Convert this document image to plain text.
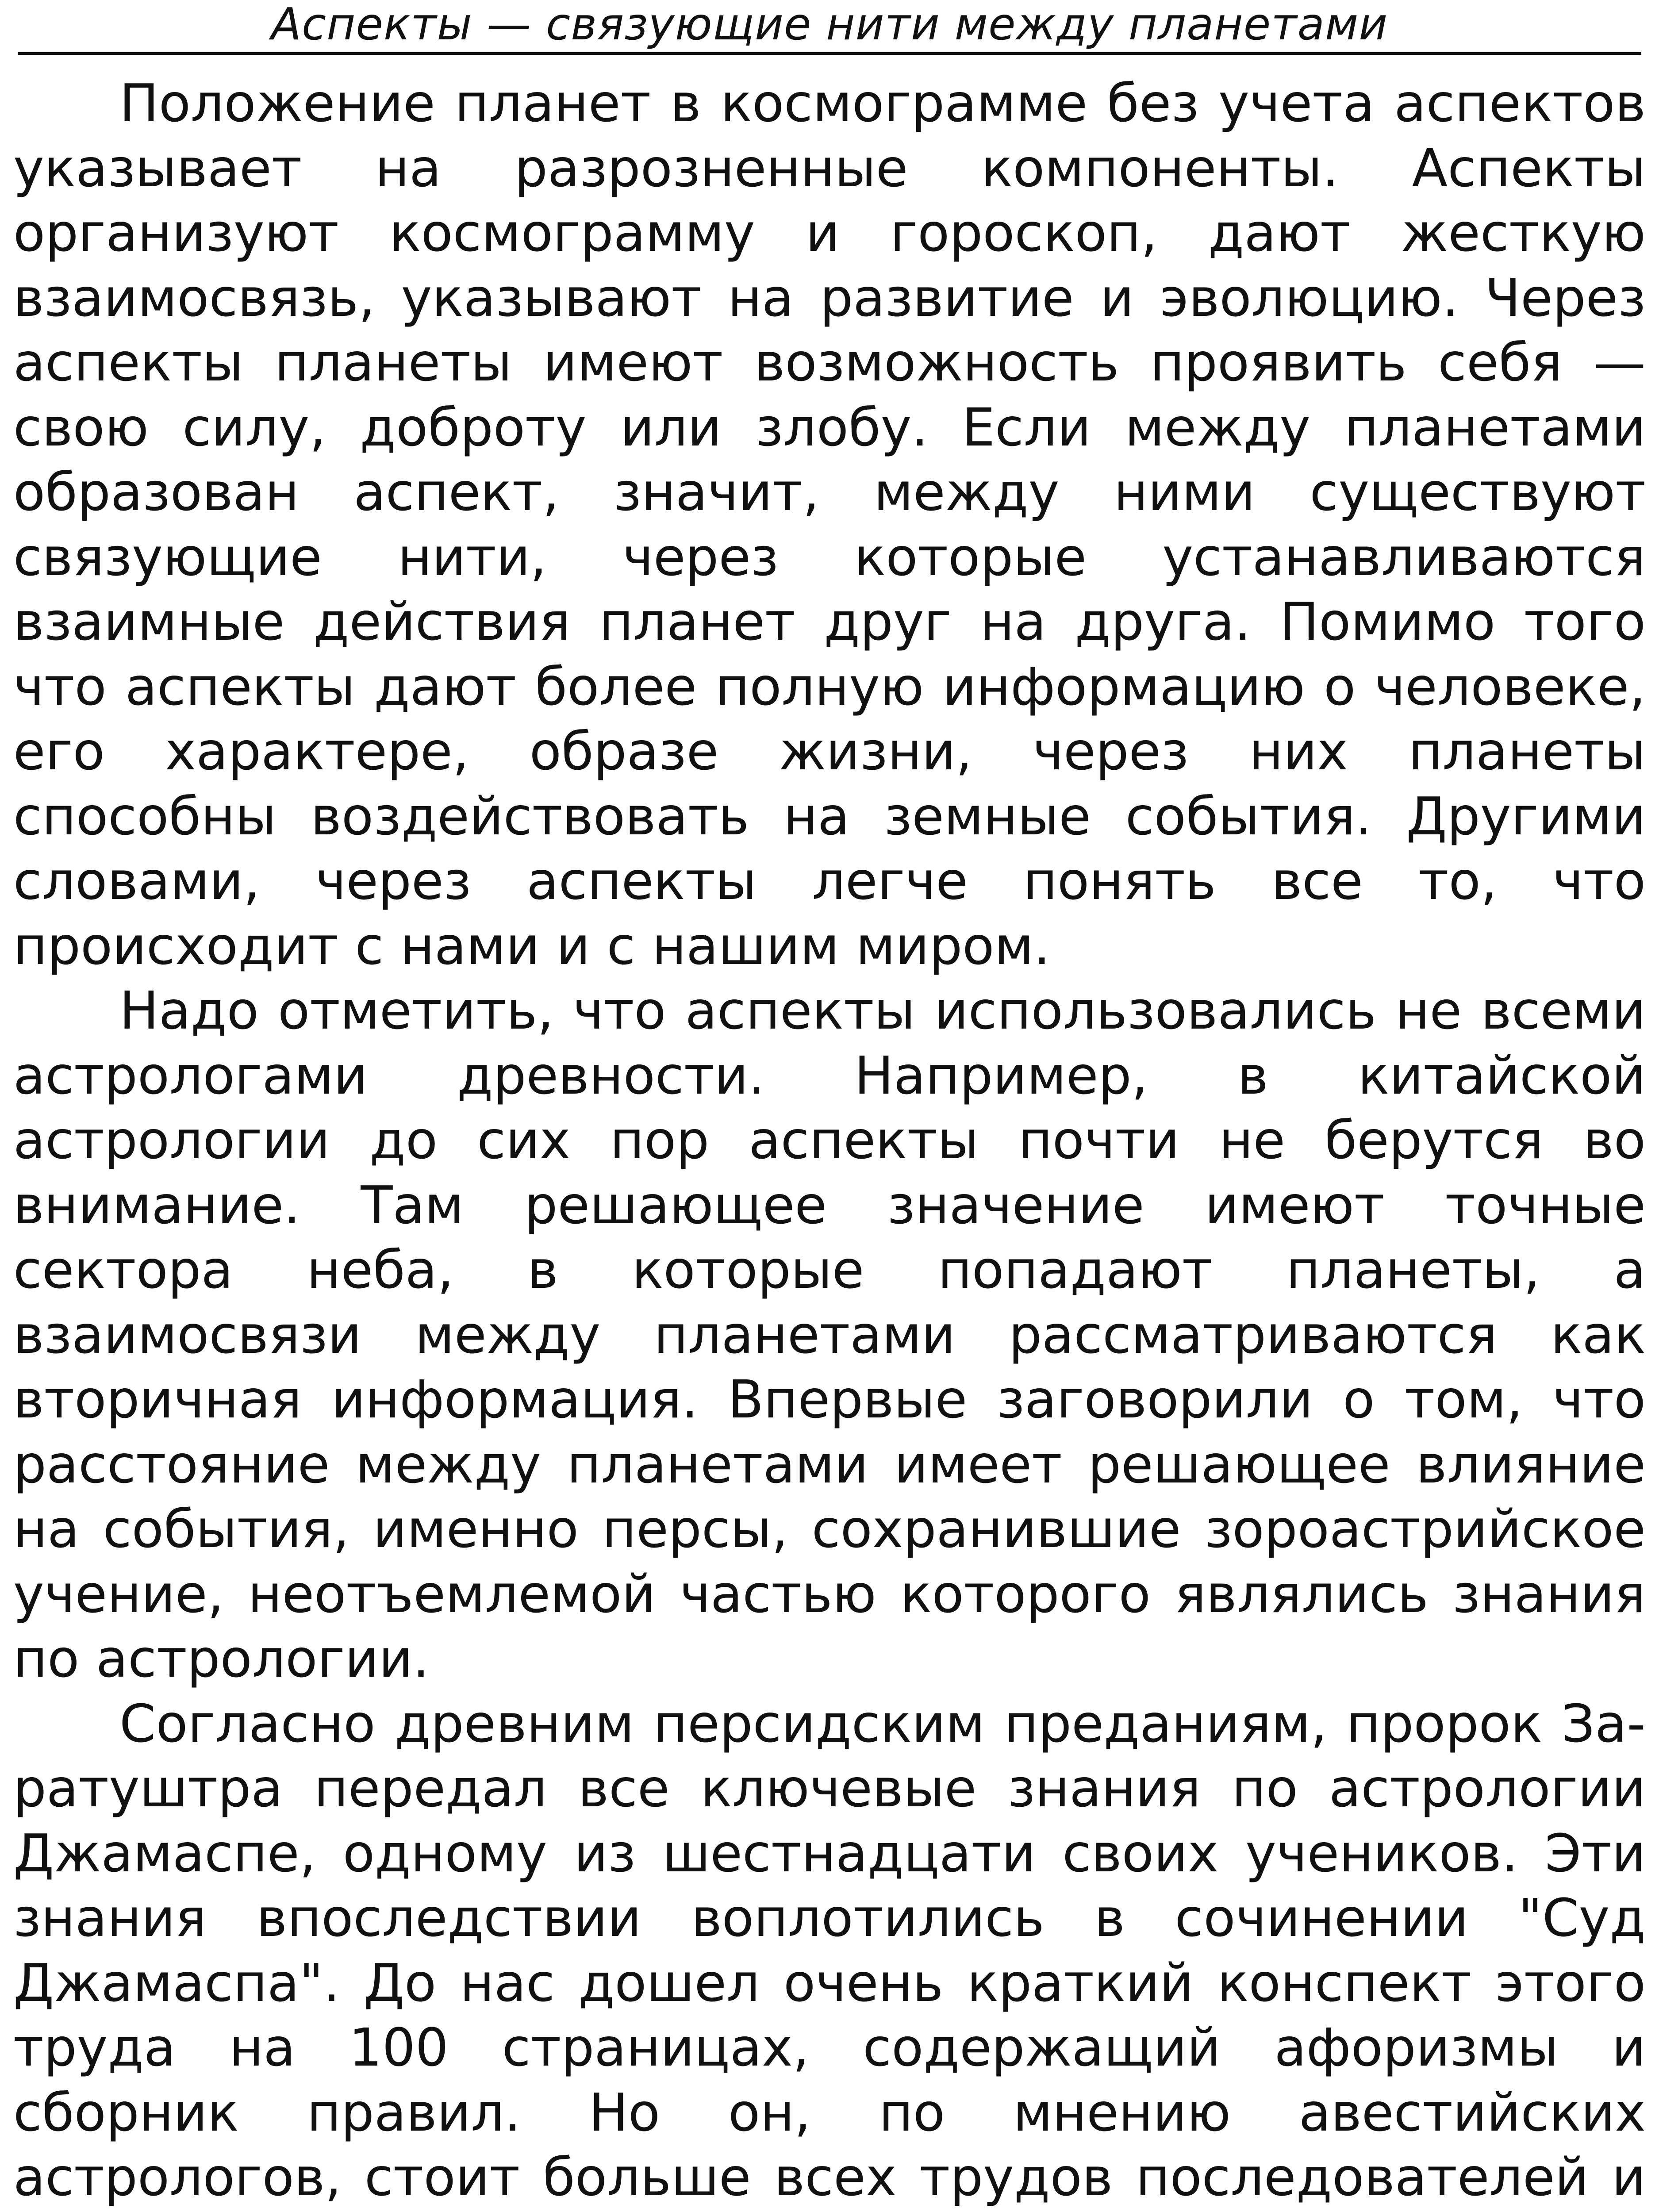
Аспекты — связующие нити между планетами

Положение планет в космограмме без учета аспектов указывает на разрозненные компоненты. Аспекты организуют космограмму и гороскоп, дают жесткую взаимосвязь, указывают на развитие и эволюцию. Через аспекты планеты имеют возможность проявить себя — свою силу, доброту или злобу. Если между планетами образован аспект, значит, между ними существуют связующие нити, через которые устанавливаются взаимные действия планет друг на друга. Помимо того что аспекты дают более полную информацию о человеке, его характере, образе жизни, через них планеты способны воздействовать на земные события. Другими словами, через аспекты легче понять все то, что происходит с нами и с нашим миром.

Надо отметить, что аспекты использовались не всеми астрологами древности. Например, в китайской астрологии до сих пор аспекты почти не берутся во внимание. Там решающее значение имеют точные сектора неба, в которые попадают планеты, а взаимосвязи между планетами рассматриваются как вторичная информация. Впервые заговорили о том, что расстояние между планетами имеет решающее влияние на события, именно персы, сохранившие зороастрийское учение, неотъемлемой частью которого являлись знания по астрологии.

Согласно древним персидским преданиям, пророк Заратуштра передал все ключевые знания по астрологии Джамаспе, одному из шестнадцати своих учеников. Эти знания впоследствии воплотились в сочинении "Суд Джамаспа". До нас дошел очень краткий конспект этого труда на 100 страницах, содержащий афоризмы и сборник правил. Но он, по мнению авестийских астрологов, стоит больше всех трудов последователей и
